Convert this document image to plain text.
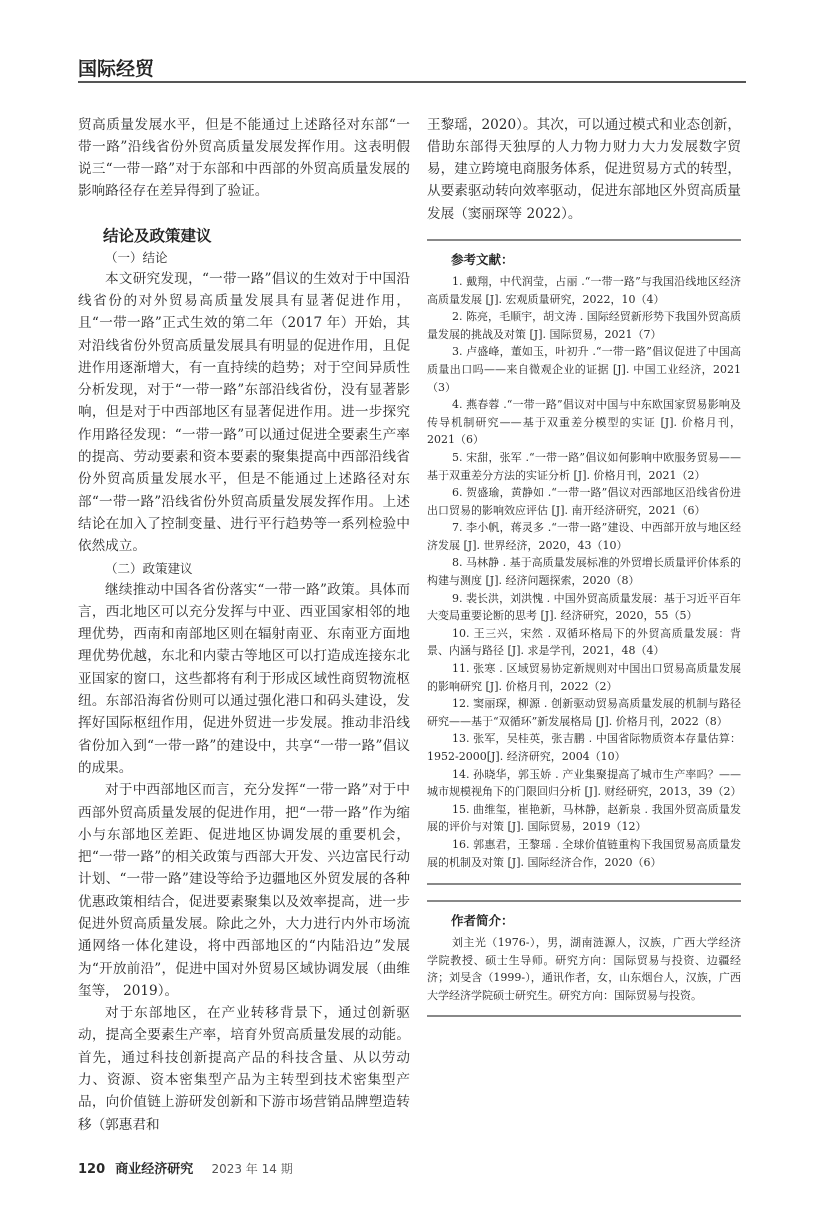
国际经贸

贸高质量发展水平，但是不能通过上述路径对东部“一带一路”沿线省份外贸高质量发展发挥作用。这表明假说三“一带一路”对于东部和中西部的外贸高质量发展的影响路径存在差异得到了验证。

结论及政策建议

（一）结论

本文研究发现，“一带一路”倡议的生效对于中国沿线省份的对外贸易高质量发展具有显著促进作用，且“一带一路”正式生效的第二年（2017 年）开始，其对沿线省份外贸高质量发展具有明显的促进作用，且促进作用逐渐增大，有一直持续的趋势；对于空间异质性分析发现，对于“一带一路”东部沿线省份，没有显著影响，但是对于中西部地区有显著促进作用。进一步探究作用路径发现：“一带一路”可以通过促进全要素生产率的提高、劳动要素和资本要素的聚集提高中西部沿线省份外贸高质量发展水平，但是不能通过上述路径对东部“一带一路”沿线省份外贸高质量发展发挥作用。上述结论在加入了控制变量、进行平行趋势等一系列检验中依然成立。

（二）政策建议

继续推动中国各省份落实“一带一路”政策。具体而言，西北地区可以充分发挥与中亚、西亚国家相邻的地理优势，西南和南部地区则在辐射南亚、东南亚方面地理优势优越，东北和内蒙古等地区可以打造成连接东北亚国家的窗口，这些都将有利于形成区域性商贸物流枢纽。东部沿海省份则可以通过强化港口和码头建设，发挥好国际枢纽作用，促进外贸进一步发展。推动非沿线省份加入到“一带一路”的建设中，共享“一带一路”倡议的成果。

对于中西部地区而言，充分发挥“一带一路”对于中西部外贸高质量发展的促进作用，把“一带一路”作为缩小与东部地区差距、促进地区协调发展的重要机会，把“一带一路”的相关政策与西部大开发、兴边富民行动计划、“一带一路”建设等给予边疆地区外贸发展的各种优惠政策相结合，促进要素聚集以及效率提高，进一步促进外贸高质量发展。除此之外，大力进行内外市场流通网络一体化建设，将中西部地区的“内陆沿边”发展为“开放前沿”，促进中国对外贸易区域协调发展（曲维玺等， 2019）。

对于东部地区，在产业转移背景下，通过创新驱动，提高全要素生产率，培育外贸高质量发展的动能。首先，通过科技创新提高产品的科技含量、从以劳动力、资源、资本密集型产品为主转型到技术密集型产品，向价值链上游研发创新和下游市场营销品牌塑造转移（郭惠君和

王黎瑶，2020）。其次，可以通过模式和业态创新，借助东部得天独厚的人力物力财力大力发展数字贸易，建立跨境电商服务体系，促进贸易方式的转型，从要素驱动转向效率驱动，促进东部地区外贸高质量发展（窦丽琛等 2022）。

参考文献：

1. 戴翔，中代润莹，占丽 .“一带一路”与我国沿线地区经济高质量发展 [J]. 宏观质量研究，2022，10（4）

2. 陈亮，毛顺宇，胡文涛 . 国际经贸新形势下我国外贸高质量发展的挑战及对策 [J]. 国际贸易，2021（7）

3. 卢盛峰，董如玉，叶初升 .“一带一路”倡议促进了中国高质量出口吗——来自微观企业的证据 [J]. 中国工业经济，2021（3）

4. 燕春蓉 .“一带一路”倡议对中国与中东欧国家贸易影响及传导机制研究——基于双重差分模型的实证 [J]. 价格月刊，2021（6）

5. 宋甜，张军 .“一带一路”倡议如何影响中欧服务贸易——基于双重差分方法的实证分析 [J]. 价格月刊，2021（2）

6. 贺盛瑜，黄静如 .“一带一路”倡议对西部地区沿线省份进出口贸易的影响效应评估 [J]. 南开经济研究，2021（6）

7. 李小帆，蒋灵多 .“一带一路”建设、中西部开放与地区经济发展 [J]. 世界经济，2020，43（10）

8. 马林静 . 基于高质量发展标准的外贸增长质量评价体系的构建与测度 [J]. 经济问题探索，2020（8）

9. 裴长洪，刘洪愧 . 中国外贸高质量发展：基于习近平百年大变局重要论断的思考 [J]. 经济研究，2020，55（5）

10. 王三兴，宋然 . 双循环格局下的外贸高质量发展：背景、内涵与路径 [J]. 求是学刊，2021，48（4）

11. 张寒 . 区域贸易协定新规则对中国出口贸易高质量发展的影响研究 [J]. 价格月刊，2022（2）

12. 窦丽琛，柳源 . 创新驱动贸易高质量发展的机制与路径研究——基于“双循环”新发展格局 [J]. 价格月刊，2022（8）

13. 张军，吴桂英，张吉鹏 . 中国省际物质资本存量估算：1952-2000[J]. 经济研究，2004（10）

14. 孙晓华，郭玉娇 . 产业集聚提高了城市生产率吗？——城市规模视角下的门限回归分析 [J]. 财经研究，2013，39（2）

15. 曲维玺，崔艳新，马林静，赵新泉 . 我国外贸高质量发展的评价与对策 [J]. 国际贸易，2019（12）

16. 郭惠君，王黎瑶 . 全球价值链重构下我国贸易高质量发展的机制及对策 [J]. 国际经济合作，2020（6）

作者简介：

刘主光（1976-），男，湖南涟源人，汉族，广西大学经济学院教授、硕士生导师。研究方向：国际贸易与投资、边疆经济；刘旻含（1999-），通讯作者，女，山东烟台人，汉族，广西大学经济学院硕士研究生。研究方向：国际贸易与投资。

120 商业经济研究 2023 年 14 期
